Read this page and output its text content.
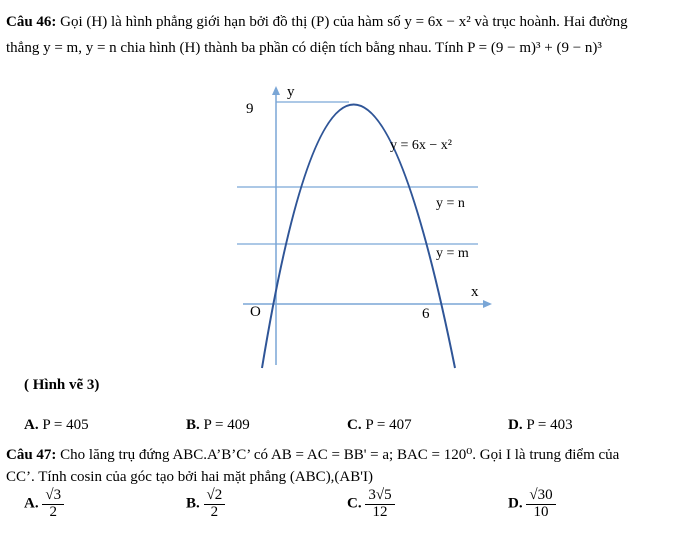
Câu 46: Gọi (H) là hình phẳng giới hạn bởi đồ thị (P) của hàm số y = 6x − x² và trục hoành. Hai đường
thẳng y = m, y = n chia hình (H) thành ba phần có diện tích bằng nhau. Tính P = (9 − m)³ + (9 − n)³
y
9
y = 6x − x²
y = n
y = m
x
O	6
( Hình vẽ 3)
A. P = 405	B. P = 409	C. P = 407	D. P = 403
Câu 47: Cho lăng trụ đứng ABC.A’B’C’ có AB = AC = BB' = a; BAC = 120⁰. Gọi I là trung điểm của
CC’. Tính cosin của góc tạo bởi hai mặt phẳng (ABC),(AB'I)
A. $\frac{√3}{2}$	B. $\frac{√2}{2}$	C. $\frac{3√5}{12}$	D. $\frac{√30}{10}$
